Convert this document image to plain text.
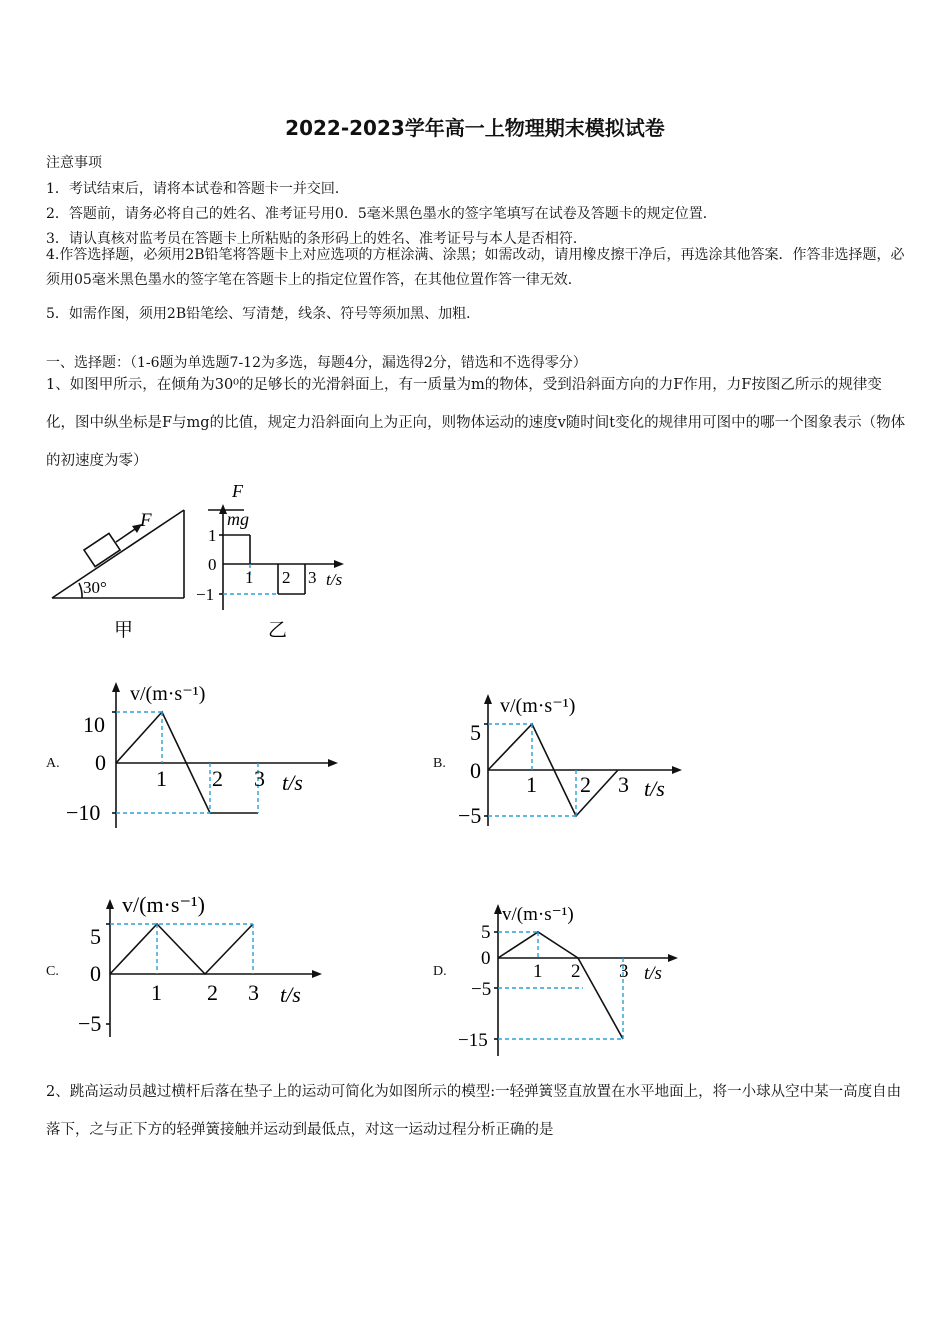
2022-2023学年高一上物理期末模拟试卷
注意事项
1．考试结束后，请将本试卷和答题卡一并交回．
2．答题前，请务必将自己的姓名、准考证号用0．5毫米黑色墨水的签字笔填写在试卷及答题卡的规定位置．
3．请认真核对监考员在答题卡上所粘贴的条形码上的姓名、准考证号与本人是否相符．
4.作答选择题，必须用2B铅笔将答题卡上对应选项的方框涂满、涂黑；如需改动，请用橡皮擦干净后，再选涂其他答案．作答非选择题，必须用05毫米黑色墨水的签字笔在答题卡上的指定位置作答，在其他位置作答一律无效．
5．如需作图，须用2B铅笔绘、写清楚，线条、符号等须加黑、加粗．
一、选择题：（1-6题为单选题7-12为多选，每题4分，漏选得2分，错选和不选得零分）
1、如图甲所示，在倾角为30⁰的足够长的光滑斜面上，有一质量为m的物体，受到沿斜面方向的力F作用，力F按图乙所示的规律变化，图中纵坐标是F与mg的比值，规定力沿斜面向上为正向，则物体运动的速度v随时间t变化的规律用可图中的哪一个图象表示（物体的初速度为零）
F
30°
甲
F
mg
1
0
−1
1 2 3 t/s
乙
A.
v/(m·s⁻¹)
10
0
−10
1 2 3 t/s
B.
v/(m·s⁻¹)
5
0
−5
1 2 3 t/s
C.
v/(m·s⁻¹)
5
0
−5
1 2 3 t/s
D.
v/(m·s⁻¹)
5
0
−5
−15
1 2 3 t/s
2、跳高运动员越过横杆后落在垫子上的运动可简化为如图所示的模型:一轻弹簧竖直放置在水平地面上，将一小球从空中某一高度自由落下，之与正下方的轻弹簧接触并运动到最低点，对这一运动过程分析正确的是
